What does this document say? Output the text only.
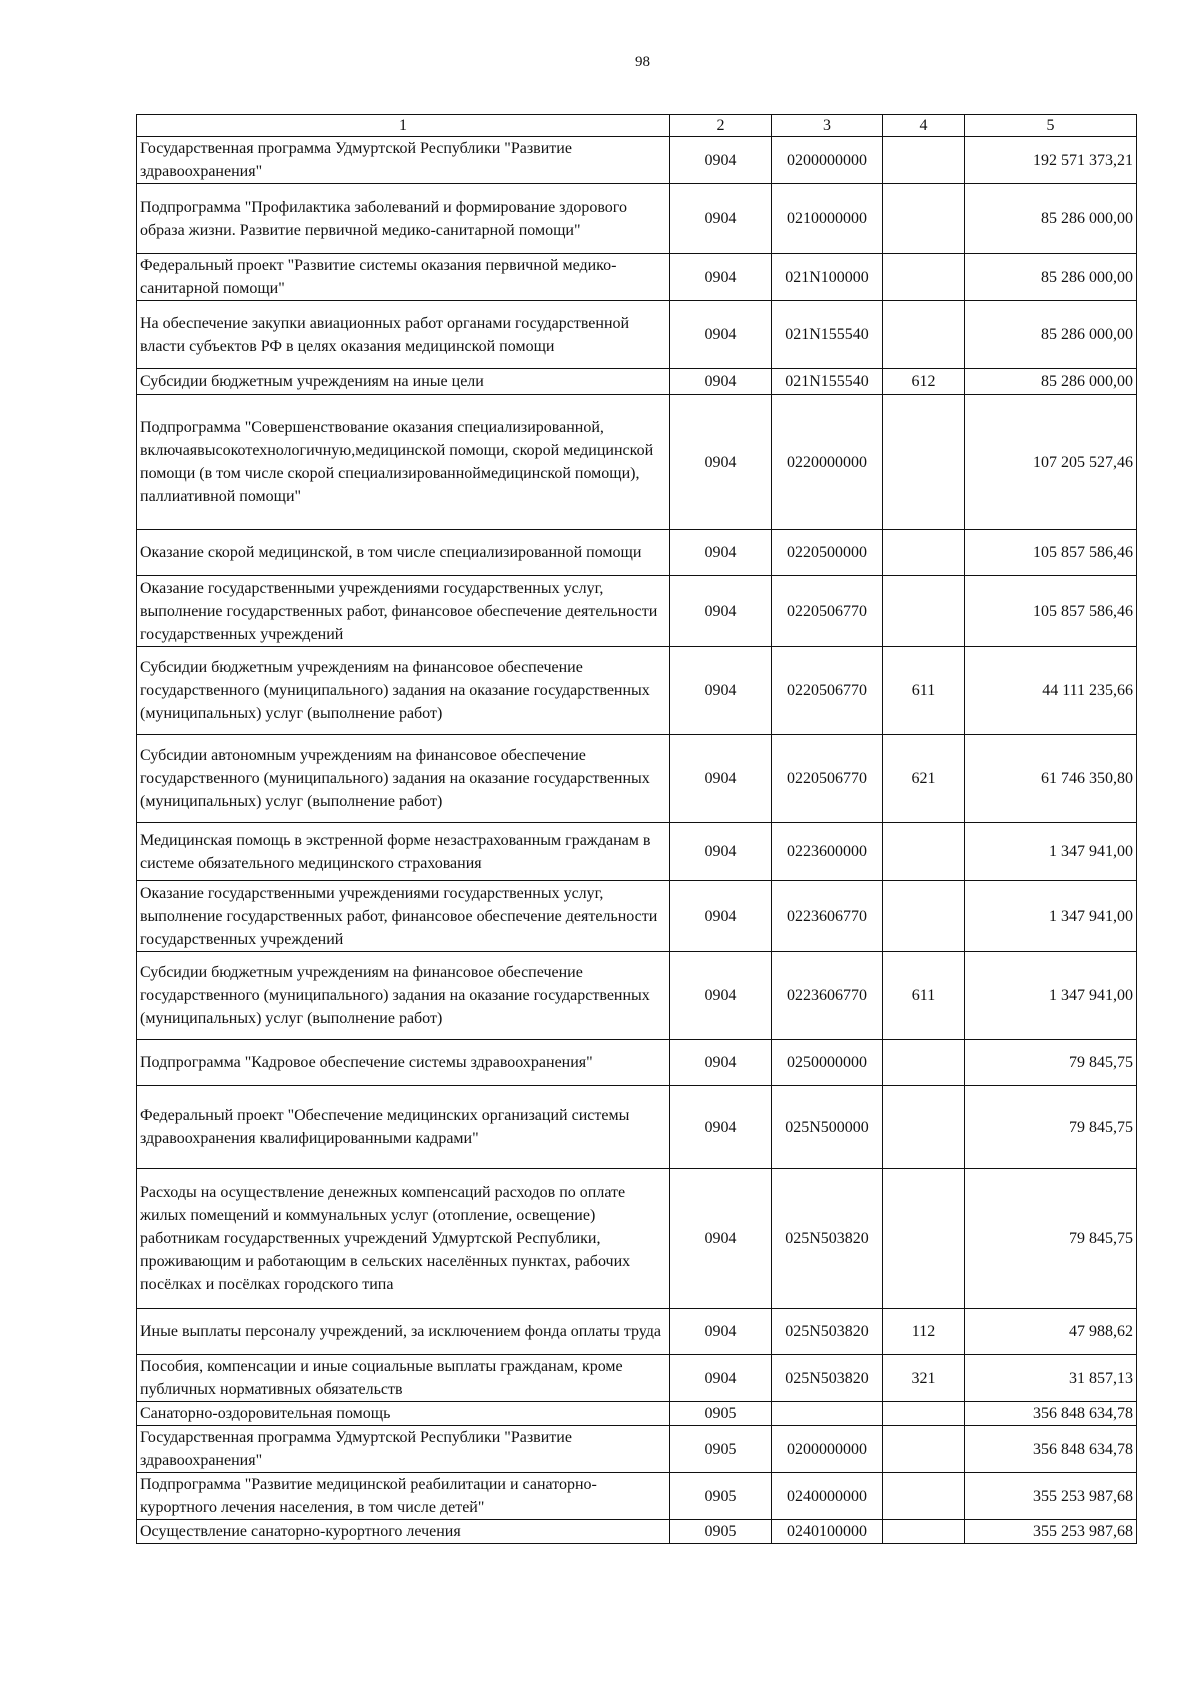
98
1	2	3	4	5
Государственная программа Удмуртской Республики "Развитие здравоохранения"	0904	0200000000		192 571 373,21
Подпрограмма "Профилактика заболеваний и формирование здорового образа жизни. Развитие первичной медико-санитарной помощи"	0904	0210000000		85 286 000,00
Федеральный проект "Развитие системы оказания первичной медико-санитарной помощи"	0904	021N100000		85 286 000,00
На обеспечение закупки авиационных работ органами государственной власти субъектов РФ в целях оказания медицинской помощи	0904	021N155540		85 286 000,00
Субсидии бюджетным учреждениям на иные цели	0904	021N155540	612	85 286 000,00
Подпрограмма "Совершенствование оказания специализированной, включаявысокотехнологичную,медицинской помощи, скорой медицинской помощи (в том числе скорой специализированноймедицинской помощи), паллиативной помощи"	0904	0220000000		107 205 527,46
Оказание скорой медицинской, в том числе специализированной помощи	0904	0220500000		105 857 586,46
Оказание государственными учреждениями государственных услуг, выполнение государственных работ, финансовое обеспечение деятельности государственных учреждений	0904	0220506770		105 857 586,46
Субсидии бюджетным учреждениям на финансовое обеспечение государственного (муниципального) задания на оказание государственных (муниципальных) услуг (выполнение работ)	0904	0220506770	611	44 111 235,66
Субсидии автономным учреждениям на финансовое обеспечение государственного (муниципального) задания на оказание государственных (муниципальных) услуг (выполнение работ)	0904	0220506770	621	61 746 350,80
Медицинская помощь в экстренной форме незастрахованным гражданам в системе обязательного медицинского страхования	0904	0223600000		1 347 941,00
Оказание государственными учреждениями государственных услуг, выполнение государственных работ, финансовое обеспечение деятельности государственных учреждений	0904	0223606770		1 347 941,00
Субсидии бюджетным учреждениям на финансовое обеспечение государственного (муниципального) задания на оказание государственных (муниципальных) услуг (выполнение работ)	0904	0223606770	611	1 347 941,00
Подпрограмма "Кадровое обеспечение системы здравоохранения"	0904	0250000000		79 845,75
Федеральный проект "Обеспечение медицинских организаций системы здравоохранения квалифицированными кадрами"	0904	025N500000		79 845,75
Расходы на осуществление денежных компенсаций расходов по оплате жилых помещений и коммунальных услуг (отопление, освещение) работникам государственных учреждений Удмуртской Республики, проживающим и работающим в сельских населённых пунктах, рабочих посёлках и посёлках городского типа	0904	025N503820		79 845,75
Иные выплаты персоналу учреждений, за исключением фонда оплаты труда	0904	025N503820	112	47 988,62
Пособия, компенсации и иные социальные выплаты гражданам, кроме публичных нормативных обязательств	0904	025N503820	321	31 857,13
Санаторно-оздоровительная помощь	0905			356 848 634,78
Государственная программа Удмуртской Республики "Развитие здравоохранения"	0905	0200000000		356 848 634,78
Подпрограмма "Развитие медицинской реабилитации и санаторно-курортного лечения населения, в том числе детей"	0905	0240000000		355 253 987,68
Осуществление санаторно-курортного лечения	0905	0240100000		355 253 987,68
